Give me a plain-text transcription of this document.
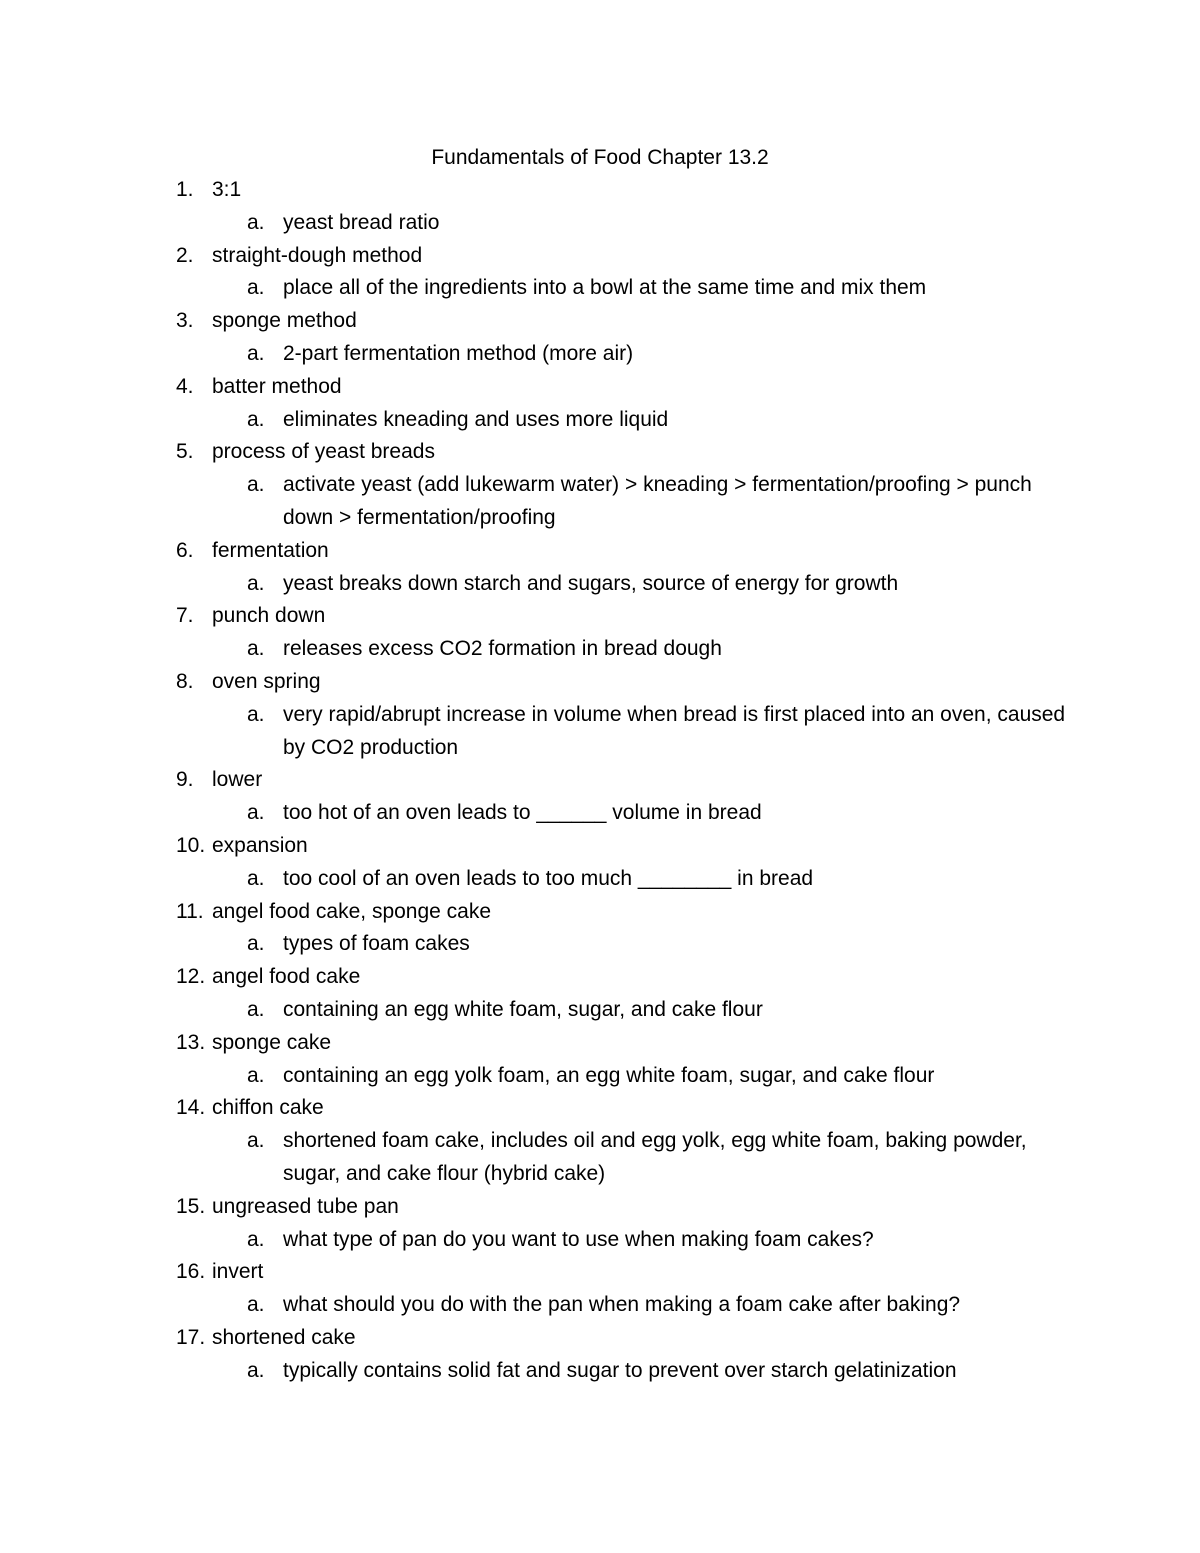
Fundamentals of Food Chapter 13.2
1. 3:1
a. yeast bread ratio
2. straight-dough method
a. place all of the ingredients into a bowl at the same time and mix them
3. sponge method
a. 2-part fermentation method (more air)
4. batter method
a. eliminates kneading and uses more liquid
5. process of yeast breads
a. activate yeast (add lukewarm water) > kneading > fermentation/proofing > punch down > fermentation/proofing
6. fermentation
a. yeast breaks down starch and sugars, source of energy for growth
7. punch down
a. releases excess CO2 formation in bread dough
8. oven spring
a. very rapid/abrupt increase in volume when bread is first placed into an oven, caused by CO2 production
9. lower
a. too hot of an oven leads to ______ volume in bread
10. expansion
a. too cool of an oven leads to too much ________ in bread
11. angel food cake, sponge cake
a. types of foam cakes
12. angel food cake
a. containing an egg white foam, sugar, and cake flour
13. sponge cake
a. containing an egg yolk foam, an egg white foam, sugar, and cake flour
14. chiffon cake
a. shortened foam cake, includes oil and egg yolk, egg white foam, baking powder, sugar, and cake flour (hybrid cake)
15. ungreased tube pan
a. what type of pan do you want to use when making foam cakes?
16. invert
a. what should you do with the pan when making a foam cake after baking?
17. shortened cake
a. typically contains solid fat and sugar to prevent over starch gelatinization
